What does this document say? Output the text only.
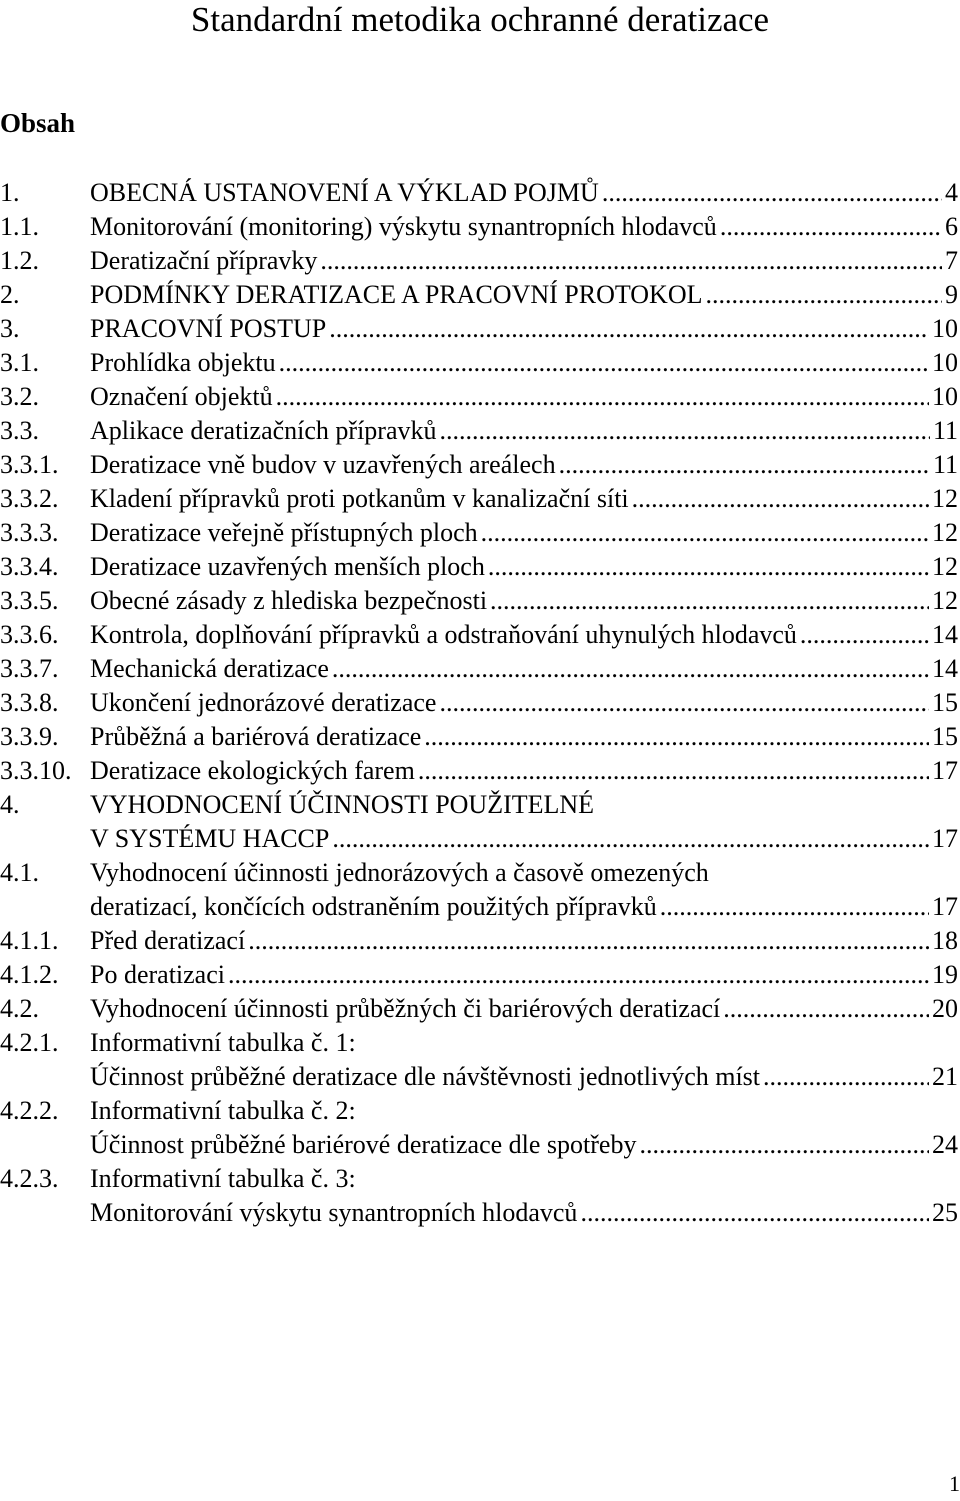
Standardní metodika ochranné deratizace
Obsah
1.	OBECNÁ USTANOVENÍ A VÝKLAD POJMŮ .....	4
1.1.	Monitorování (monitoring) výskytu synantropních hlodavců .....	6
1.2.	Deratizační přípravky .....	7
2.	PODMÍNKY DERATIZACE A PRACOVNÍ PROTOKOL .....	9
3.	PRACOVNÍ POSTUP .....	10
3.1.	Prohlídka objektu .....	10
3.2.	Označení objektů .....	10
3.3.	Aplikace deratizačních přípravků .....	11
3.3.1.	Deratizace vně budov v uzavřených areálech .....	11
3.3.2.	Kladení přípravků proti potkanům v kanalizační síti .....	12
3.3.3.	Deratizace veřejně přístupných ploch .....	12
3.3.4.	Deratizace uzavřených menších ploch .....	12
3.3.5.	Obecné zásady z hlediska bezpečnosti .....	12
3.3.6.	Kontrola, doplňování přípravků a odstraňování uhynulých hlodavců .....	14
3.3.7.	Mechanická deratizace .....	14
3.3.8.	Ukončení jednorázové deratizace .....	15
3.3.9.	Průběžná a bariérová deratizace .....	15
3.3.10. Deratizace ekologických farem .....	17
4.	VYHODNOCENÍ ÚČINNOSTI POUŽITELNÉ
V SYSTÉMU HACCP .....	17
4.1.	Vyhodnocení účinnosti jednorázových a časově omezených
deratizací, končících odstraněním použitých přípravků .....	17
4.1.1.	Před deratizací .....	18
4.1.2.	Po deratizaci .....	19
4.2.	Vyhodnocení účinnosti průběžných či bariérových deratizací .....	20
4.2.1.	Informativní tabulka č. 1:
Účinnost průběžné deratizace dle návštěvnosti jednotlivých míst .....	21
4.2.2.	Informativní tabulka č. 2:
Účinnost průběžné bariérové deratizace dle spotřeby .....	24
4.2.3.	Informativní tabulka č. 3:
Monitorování výskytu synantropních hlodavců .....	25
1
